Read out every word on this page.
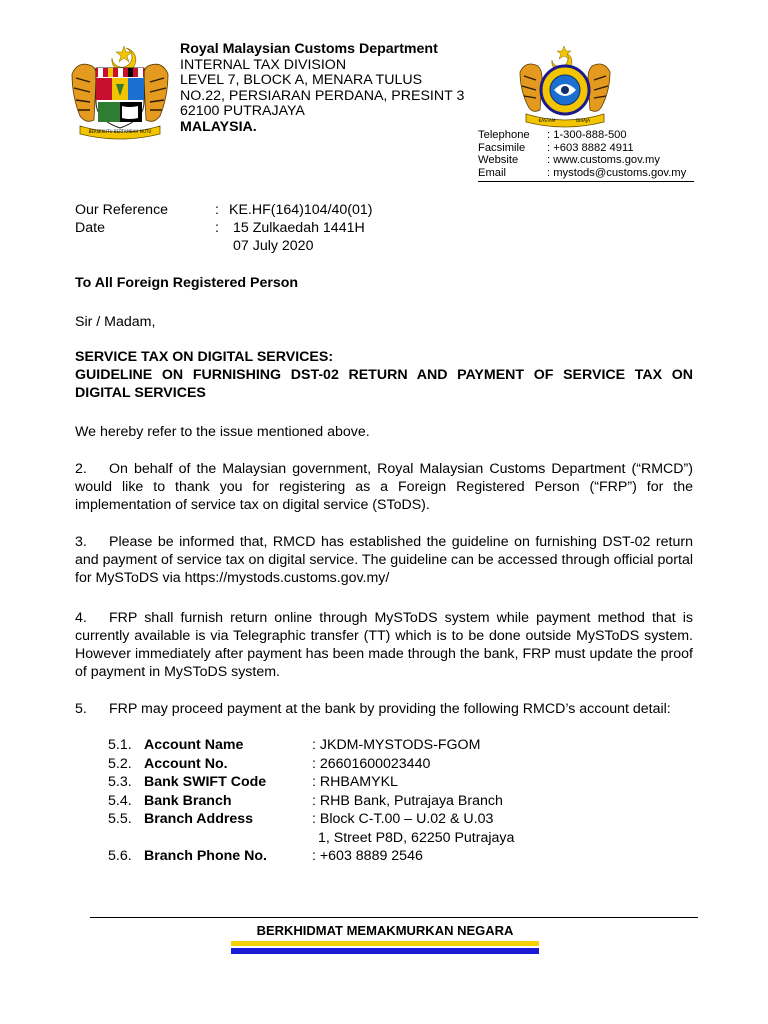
BERSEKUTU BERTAMBAH MUTU
Royal Malaysian Customs Department
INTERNAL TAX DIVISION
LEVEL 7, BLOCK A, MENARA TULUS
NO.22, PERSIARAN PERDANA, PRESINT 3
62100 PUTRAJAYA
MALAYSIA.	KASTAM	DIRAJA
Telephone	: 1-300-888-500
Facsimile	: +603 8882 4911
Website	: www.customs.gov.my
Email	: mystods@customs.gov.my
Our Reference	: KE.HF(164)104/40(01)
Date	: 15 Zulkaedah 1441H
07 July 2020
To All Foreign Registered Person
Sir / Madam,
SERVICE TAX ON DIGITAL SERVICES:
GUIDELINE ON FURNISHING DST-02 RETURN AND PAYMENT OF SERVICE TAX ON DIGITAL SERVICES
We hereby refer to the issue mentioned above.
2. On behalf of the Malaysian government, Royal Malaysian Customs Department (“RMCD”) would like to thank you for registering as a Foreign Registered Person (“FRP”) for the implementation of service tax on digital service (SToDS).
3. Please be informed that, RMCD has established the guideline on furnishing DST-02 return and payment of service tax on digital service. The guideline can be accessed through official portal for MySToDS via https://mystods.customs.gov.my/
4. FRP shall furnish return online through MySToDS system while payment method that is currently available is via Telegraphic transfer (TT) which is to be done outside MySToDS system. However immediately after payment has been made through the bank, FRP must update the proof of payment in MySToDS system.
5. FRP may proceed payment at the bank by providing the following RMCD’s account detail:
5.1. Account Name	: JKDM-MYSTODS-FGOM
5.2. Account No.	: 26601600023440
5.3. Bank SWIFT Code	: RHBAMYKL
5.4. Bank Branch	: RHB Bank, Putrajaya Branch
5.5. Branch Address	: Block C-T.00 – U.02 & U.03
1, Street P8D, 62250 Putrajaya
5.6. Branch Phone No.	: +603 8889 2546
BERKHIDMAT MEMAKMURKAN NEGARA
